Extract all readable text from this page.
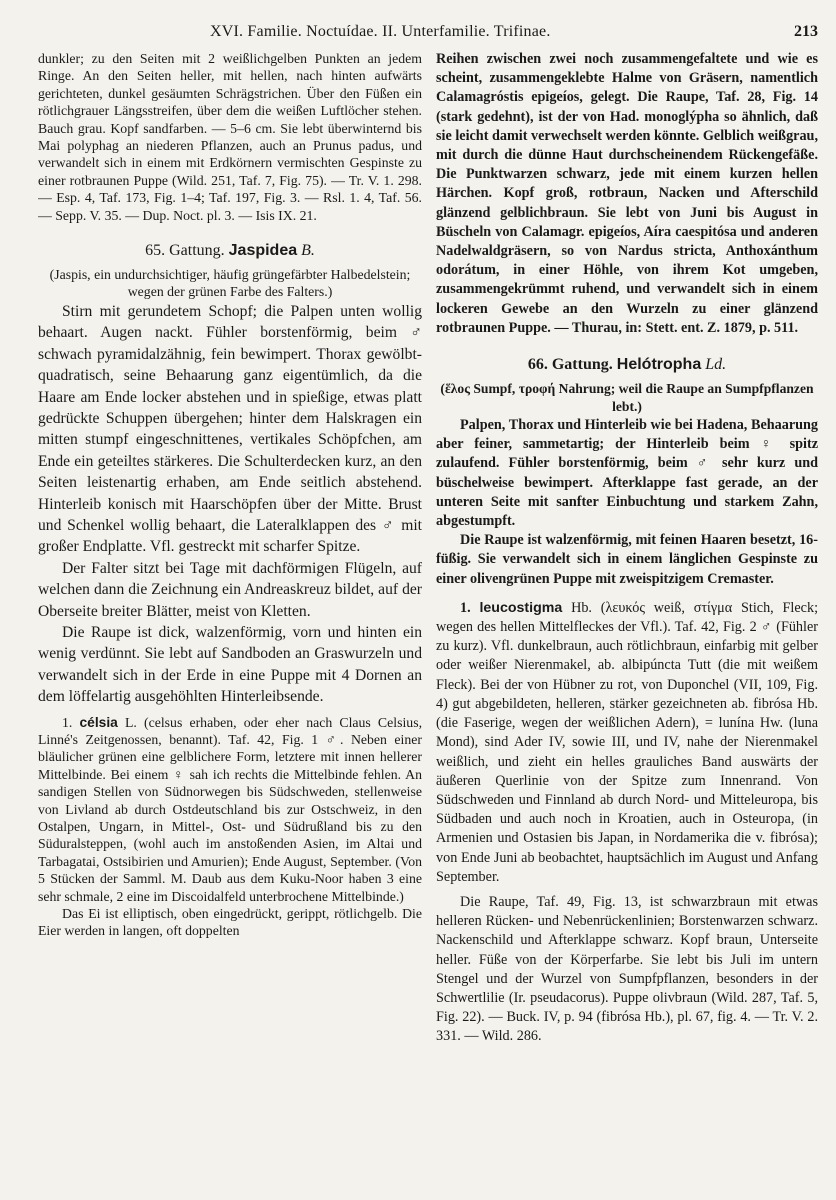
XVI. Familie. Noctuídae. II. Unterfamilie. Trifinae.	213

dunkler; zu den Seiten mit 2 weißlichgelben Punkten an jedem Ringe. An den Seiten heller, mit hellen, nach hinten aufwärts gerichteten, dunkel gesäumten Schrägstrichen. Über den Füßen ein rötlichgrauer Längsstreifen, über dem die weißen Luftlöcher stehen. Bauch grau. Kopf sandfarben. — 5–6 cm. Sie lebt überwinternd bis Mai polyphag an niederen Pflanzen, auch an Prunus padus, und verwandelt sich in einem mit Erdkörnern vermischten Gespinste zu einer rotbraunen Puppe (Wild. 251, Taf. 7, Fig. 75). — Tr. V. 1. 298. — Esp. 4, Taf. 173, Fig. 1–4; Taf. 197, Fig. 3. — Rsl. 1. 4, Taf. 56. — Sepp. V. 35. — Dup. Noct. pl. 3. — Isis IX. 21.

65. Gattung. Jaspidea B.

(Jaspis, ein undurchsichtiger, häufig grüngefärbter Halbedelstein; wegen der grünen Farbe des Falters.)

Stirn mit gerundetem Schopf; die Palpen unten wollig behaart. Augen nackt. Fühler borstenförmig, beim ♂ schwach pyramidalzähnig, fein bewimpert. Thorax gewölbt-quadratisch, seine Behaarung ganz eigentümlich, da die Haare am Ende locker abstehen und in spießige, etwas platt gedrückte Schuppen übergehen; hinter dem Halskragen ein mitten stumpf eingeschnittenes, vertikales Schöpfchen, am Ende ein geteiltes stärkeres. Die Schulterdecken kurz, an den Seiten leistenartig erhaben, am Ende seitlich abstehend. Hinterleib konisch mit Haarschöpfen über der Mitte. Brust und Schenkel wollig behaart, die Lateralklappen des ♂ mit großer Endplatte. Vfl. gestreckt mit scharfer Spitze.

Der Falter sitzt bei Tage mit dachförmigen Flügeln, auf welchen dann die Zeichnung ein Andreaskreuz bildet, auf der Oberseite breiter Blätter, meist von Kletten.

Die Raupe ist dick, walzenförmig, vorn und hinten ein wenig verdünnt. Sie lebt auf Sandboden an Graswurzeln und verwandelt sich in der Erde in eine Puppe mit 4 Dornen an dem löffelartig ausgehöhlten Hinterleibsende.

1. célsia L. (celsus erhaben, oder eher nach Claus Celsius, Linné's Zeitgenossen, benannt). Taf. 42, Fig. 1 ♂. Neben einer bläulicher grünen eine gelblichere Form, letztere mit innen hellerer Mittelbinde. Bei einem ♀ sah ich rechts die Mittelbinde fehlen. An sandigen Stellen von Südnorwegen bis Südschweden, stellenweise von Livland ab durch Ostdeutschland bis zur Ostschweiz, in den Ostalpen, Ungarn, in Mittel-, Ost- und Südrußland bis zu den Süduralsteppen, (wohl auch im anstoßenden Asien, im Altai und Tarbagatai, Ostsibirien und Amurien); Ende August, September. (Von 5 Stücken der Samml. M. Daub aus dem Kuku-Noor haben 3 eine sehr schmale, 2 eine im Discoidalfeld unterbrochene Mittelbinde.)

Das Ei ist elliptisch, oben eingedrückt, gerippt, rötlichgelb. Die Eier werden in langen, oft doppelten

Reihen zwischen zwei noch zusammengefaltete und wie es scheint, zusammengeklebte Halme von Gräsern, namentlich Calamagróstis epigeíos, gelegt. Die Raupe, Taf. 28, Fig. 14 (stark gedehnt), ist der von Had. monoglýpha so ähnlich, daß sie leicht damit verwechselt werden könnte. Gelblich weißgrau, mit durch die dünne Haut durchscheinendem Rückengefäße. Die Punktwarzen schwarz, jede mit einem kurzen hellen Härchen. Kopf groß, rotbraun, Nacken und Afterschild glänzend gelblichbraun. Sie lebt von Juni bis August in Büscheln von Calamagr. epigeíos, Aíra caespitósa und anderen Nadelwaldgräsern, so von Nardus stricta, Anthoxánthum odorátum, in einer Höhle, von ihrem Kot umgeben, zusammengekrümmt ruhend, und verwandelt sich in einem lockeren Gewebe an den Wurzeln zu einer glänzend rotbraunen Puppe. — Thurau, in: Stett. ent. Z. 1879, p. 511.

66. Gattung. Helótropha Ld.

(ἕλος Sumpf, τροφή Nahrung; weil die Raupe an Sumpfpflanzen lebt.)

Palpen, Thorax und Hinterleib wie bei Hadena, Behaarung aber feiner, sammetartig; der Hinterleib beim ♀ spitz zulaufend. Fühler borstenförmig, beim ♂ sehr kurz und büschelweise bewimpert. Afterklappe fast gerade, an der unteren Seite mit sanfter Einbuchtung und starkem Zahn, abgestumpft.

Die Raupe ist walzenförmig, mit feinen Haaren besetzt, 16-füßig. Sie verwandelt sich in einem länglichen Gespinste zu einer olivengrünen Puppe mit zweispitzigem Cremaster.

1. leucostigma Hb. (λευκός weiß, στίγμα Stich, Fleck; wegen des hellen Mittelfleckes der Vfl.). Taf. 42, Fig. 2 ♂ (Fühler zu kurz). Vfl. dunkelbraun, auch rötlichbraun, einfarbig mit gelber oder weißer Nierenmakel, ab. albipúncta Tutt (die mit weißem Fleck). Bei der von Hübner zu rot, von Duponchel (VII, 109, Fig. 4) gut abgebildeten, helleren, stärker gezeichneten ab. fibrósa Hb. (die Faserige, wegen der weißlichen Adern), = lunína Hw. (luna Mond), sind Ader IV, sowie III, und IV, nahe der Nierenmakel weißlich, und zieht ein helles grauliches Band auswärts der äußeren Querlinie von der Spitze zum Innenrand. Von Südschweden und Finnland ab durch Nord- und Mitteleuropa, bis Südbaden und auch noch in Kroatien, auch in Osteuropa, (in Armenien und Ostasien bis Japan, in Nordamerika die v. fibrósa); von Ende Juni ab beobachtet, hauptsächlich im August und Anfang September.

Die Raupe, Taf. 49, Fig. 13, ist schwarzbraun mit etwas helleren Rücken- und Nebenrückenlinien; Borstenwarzen schwarz. Nackenschild und Afterklappe schwarz. Kopf braun, Unterseite heller. Füße von der Körperfarbe. Sie lebt bis Juli im untern Stengel und der Wurzel von Sumpfpflanzen, besonders in der Schwertlilie (Ir. pseudacorus). Puppe olivbraun (Wild. 287, Taf. 5, Fig. 22). — Buck. IV, p. 94 (fibrósa Hb.), pl. 67, fig. 4. — Tr. V. 2. 331. — Wild. 286.
